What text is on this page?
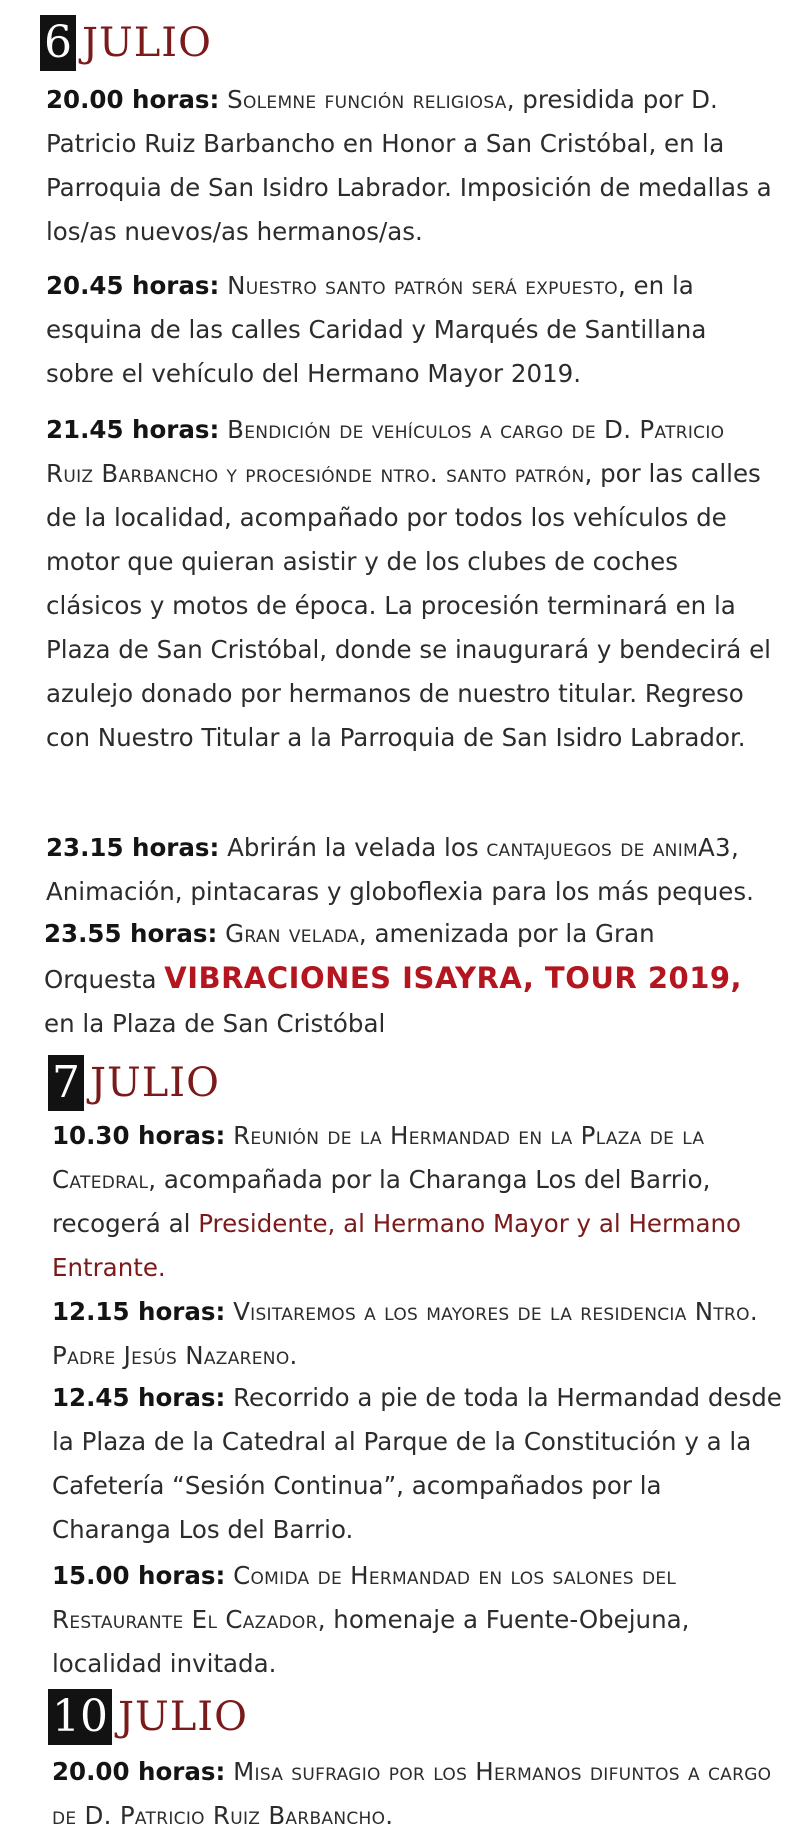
6 JULIO

20.00 horas: Solemne función religiosa, presidida por D. Patricio Ruiz Barbancho en Honor a San Cristóbal, en la Parroquia de San Isidro Labrador. Imposición de medallas a los/as nuevos/as hermanos/as.

20.45 horas: Nuestro santo patrón será expuesto, en la esquina de las calles Caridad y Marqués de Santillana sobre el vehículo del Hermano Mayor 2019.

21.45 horas: Bendición de vehículos a cargo de D. Patricio Ruiz Barbancho y procesiónde ntro. santo patrón, por las calles de la localidad, acompañado por todos los vehículos de motor que quieran asistir y de los clubes de coches clásicos y motos de época. La procesión terminará en la Plaza de San Cristóbal, donde se inaugurará y bendecirá el azulejo donado por hermanos de nuestro titular. Regreso con Nuestro Titular a la Parroquia de San Isidro Labrador.

23.15 horas: Abrirán la velada los cantajuegos de animA3, Animación, pintacaras y globoflexia para los más peques.

23.55 horas: Gran velada, amenizada por la Gran Orquesta VIBRACIONES ISAYRA, TOUR 2019,
en la Plaza de San Cristóbal

7 JULIO

10.30 horas: Reunión de la Hermandad en la Plaza de la Catedral, acompañada por la Charanga Los del Barrio, recogerá al Presidente, al Hermano Mayor y al Hermano Entrante.

12.15 horas: Visitaremos a los mayores de la residencia Ntro. Padre Jesús Nazareno.

12.45 horas: Recorrido a pie de toda la Hermandad desde la Plaza de la Catedral al Parque de la Constitución y a la Cafetería “Sesión Continua”, acompañados por la Charanga Los del Barrio.

15.00 horas: Comida de Hermandad en los salones del Restaurante El Cazador, homenaje a Fuente-Obejuna, localidad invitada.

10 JULIO

20.00 horas: Misa sufragio por los Hermanos difuntos a cargo de D. Patricio Ruiz Barbancho.
